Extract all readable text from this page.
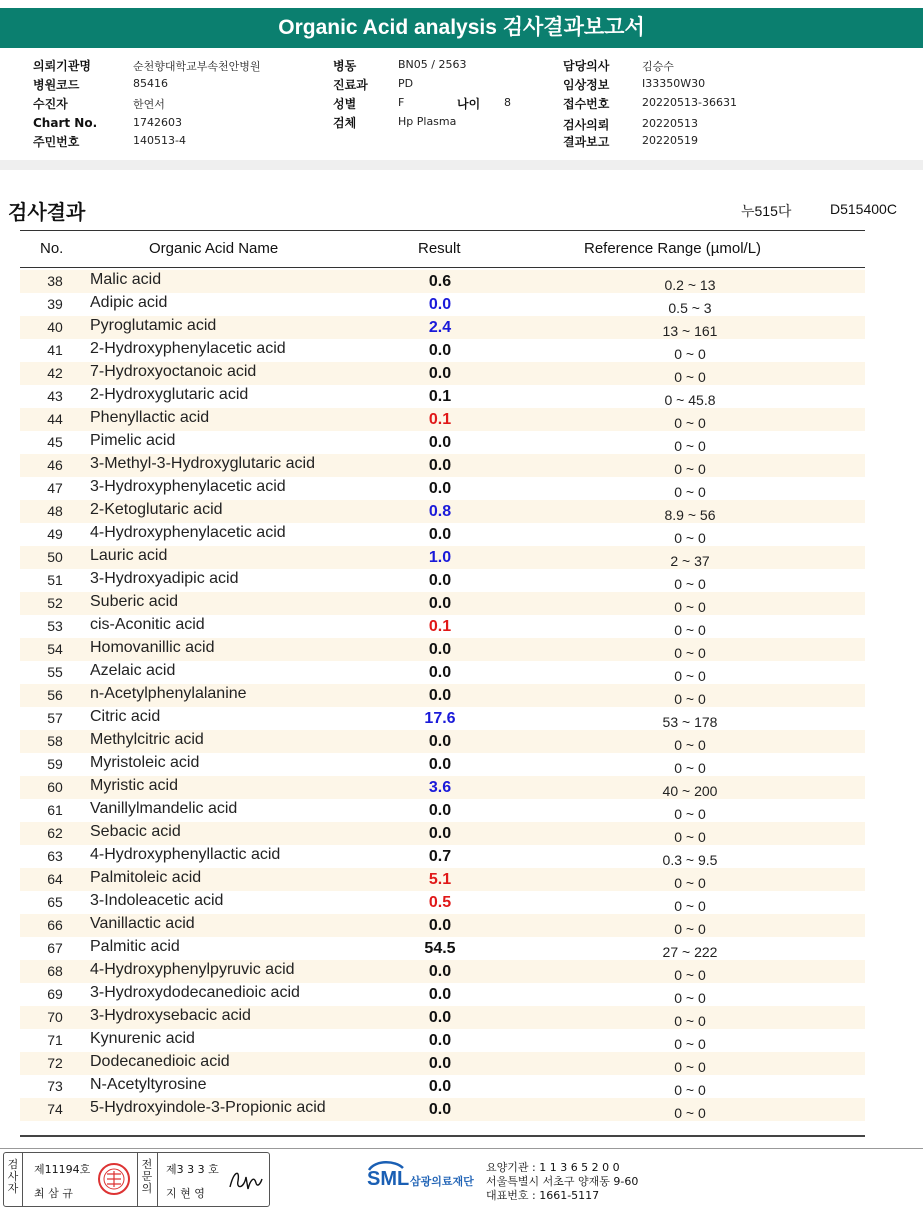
Organic Acid analysis 검사결과보고서
의뢰기관명	순천향대학교부속천안병원
병원코드	85416
수진자	한연서
Chart No.	1742603
주민번호	140513-4
병동	BN05 / 2563
진료과	PD
성별	F	나이 8
검체	Hp Plasma
담당의사	김승수
임상정보	I33350W30
접수번호	20220513-36631
검사의뢰	20220513
결과보고	20220519
검사결과	누515다	D515400C
No.	Organic Acid Name	Result	Reference Range (µmol/L)
38	Malic acid	0.6	0.2 ~ 13
39	Adipic acid	0.0	0.5 ~ 3
40	Pyroglutamic acid	2.4	13 ~ 161
41	2-Hydroxyphenylacetic acid	0.0	0 ~ 0
42	7-Hydroxyoctanoic acid	0.0	0 ~ 0
43	2-Hydroxyglutaric acid	0.1	0 ~ 45.8
44	Phenyllactic acid	0.1	0 ~ 0
45	Pimelic acid	0.0	0 ~ 0
46	3-Methyl-3-Hydroxyglutaric acid	0.0	0 ~ 0
47	3-Hydroxyphenylacetic acid	0.0	0 ~ 0
48	2-Ketoglutaric acid	0.8	8.9 ~ 56
49	4-Hydroxyphenylacetic acid	0.0	0 ~ 0
50	Lauric acid	1.0	2 ~ 37
51	3-Hydroxyadipic acid	0.0	0 ~ 0
52	Suberic acid	0.0	0 ~ 0
53	cis-Aconitic acid	0.1	0 ~ 0
54	Homovanillic acid	0.0	0 ~ 0
55	Azelaic acid	0.0	0 ~ 0
56	n-Acetylphenylalanine	0.0	0 ~ 0
57	Citric acid	17.6	53 ~ 178
58	Methylcitric acid	0.0	0 ~ 0
59	Myristoleic acid	0.0	0 ~ 0
60	Myristic acid	3.6	40 ~ 200
61	Vanillylmandelic acid	0.0	0 ~ 0
62	Sebacic acid	0.0	0 ~ 0
63	4-Hydroxyphenyllactic acid	0.7	0.3 ~ 9.5
64	Palmitoleic acid	5.1	0 ~ 0
65	3-Indoleacetic acid	0.5	0 ~ 0
66	Vanillactic acid	0.0	0 ~ 0
67	Palmitic acid	54.5	27 ~ 222
68	4-Hydroxyphenylpyruvic acid	0.0	0 ~ 0
69	3-Hydroxydodecanedioic acid	0.0	0 ~ 0
70	3-Hydroxysebacic acid	0.0	0 ~ 0
71	Kynurenic acid	0.0	0 ~ 0
72	Dodecanedioic acid	0.0	0 ~ 0
73	N-Acetyltyrosine	0.0	0 ~ 0
74	5-Hydroxyindole-3-Propionic acid	0.0	0 ~ 0
검사자
제11194호
최 삼 규
전문의
제3 3 3 호
지 현 영
SML 삼광의료재단
요양기관 : 1 1 3 6 5 2 0 0
서울특별시 서초구 양재동 9-60
대표번호 : 1661-5117
